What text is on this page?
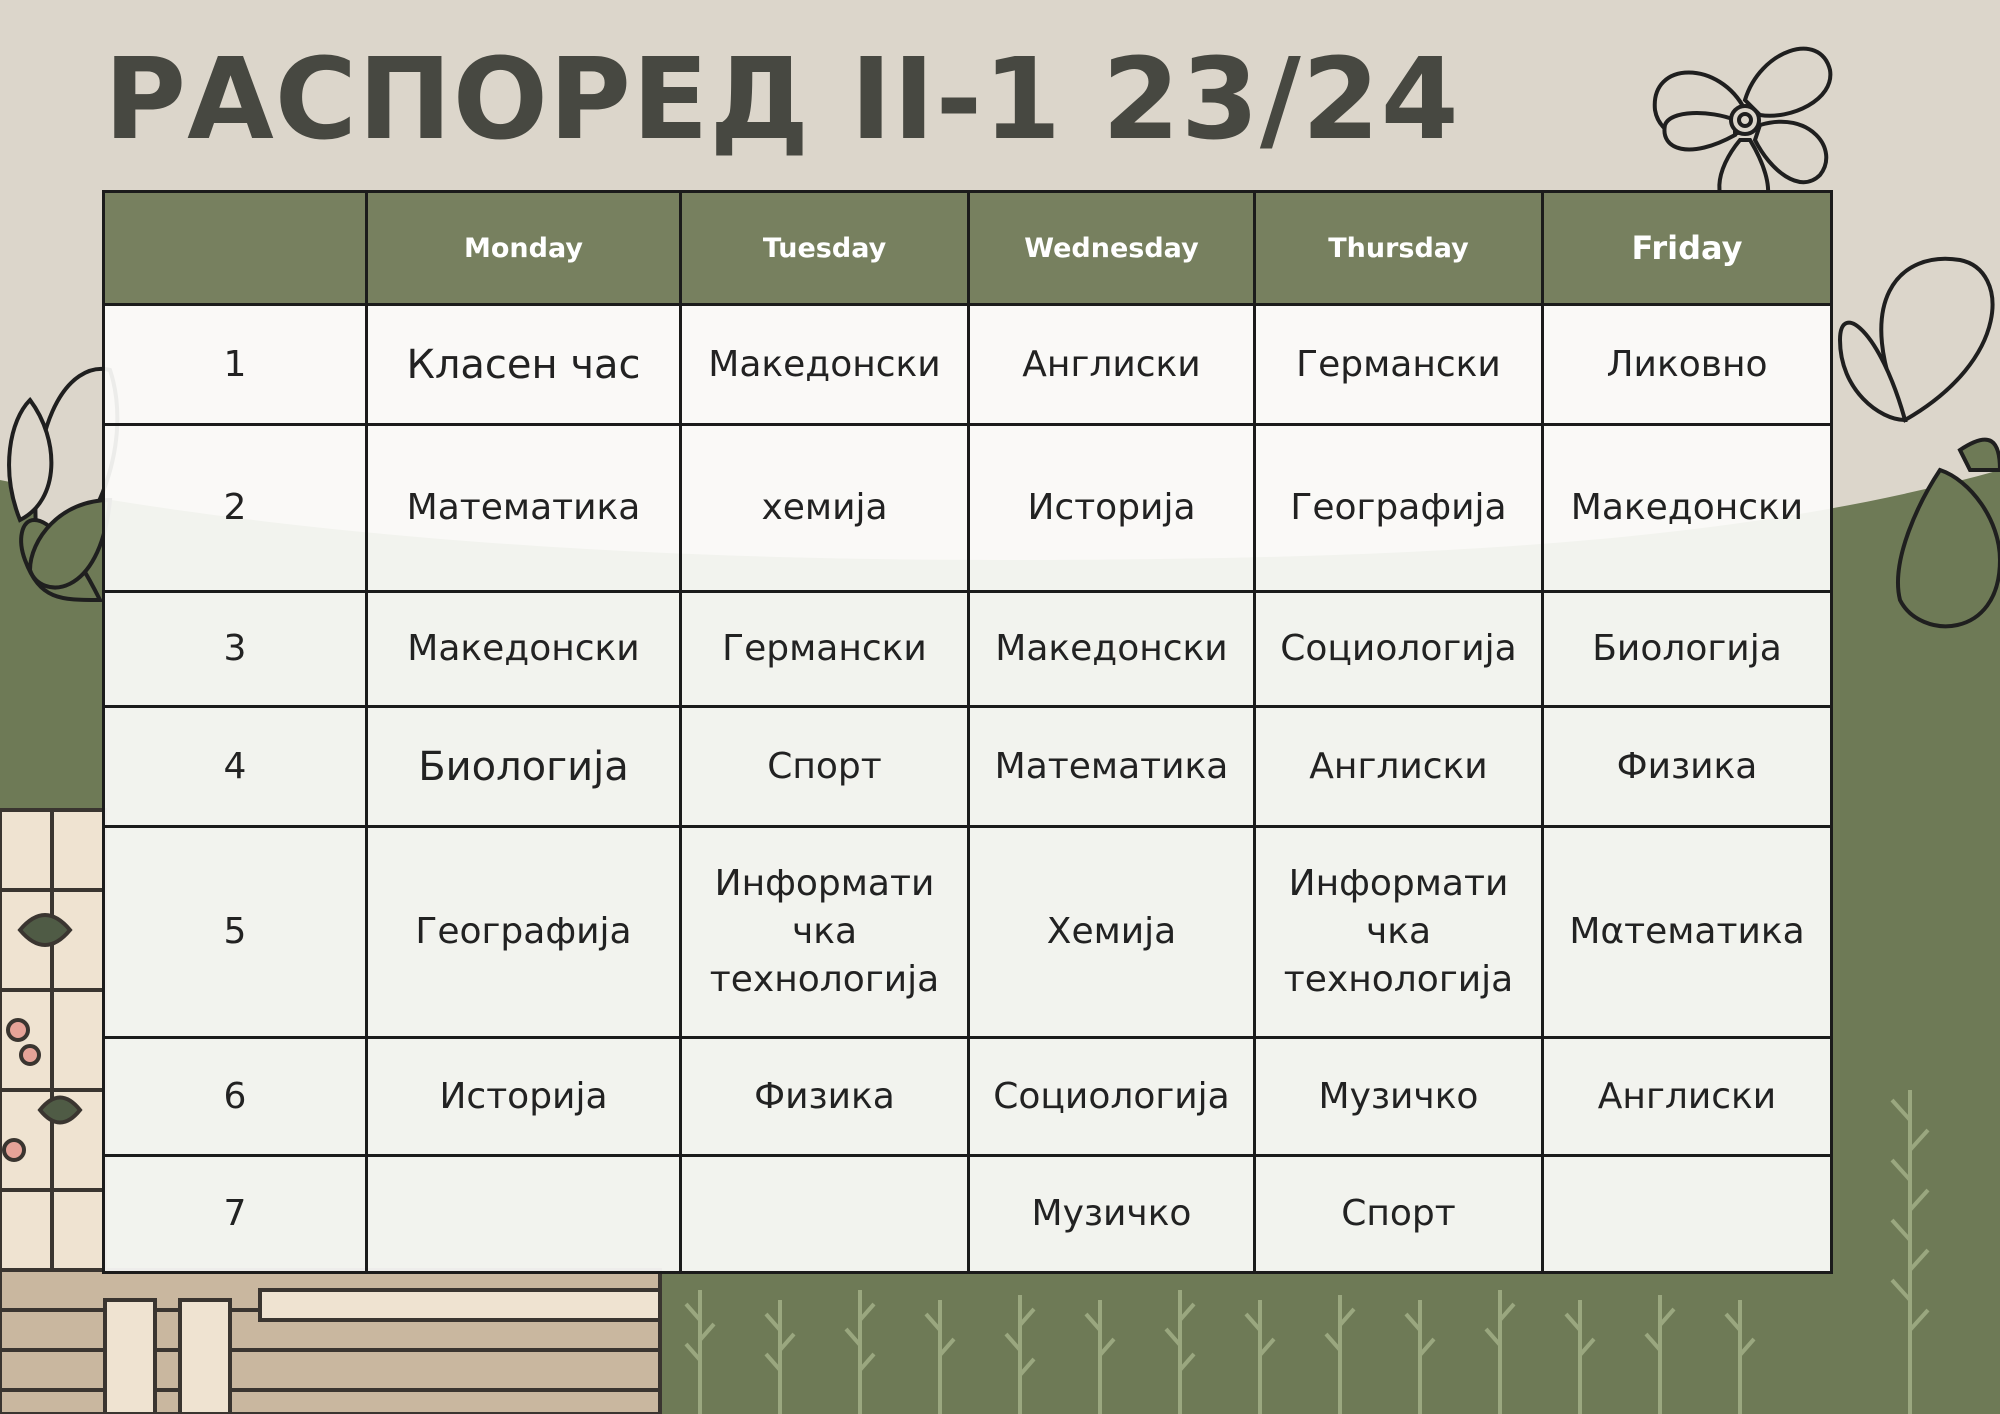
РАСПОРЕД II-1 23/24
	Monday	Tuesday	Wednesday	Thursday	Friday
1	Класен час	Македонски	Англиски	Германски	Ликовно
2	Математика	хемија	Историја	Географија	Македонски
3	Македонски	Германски	Македонски	Социологија	Биологија
4	Биологија	Спорт	Математика	Англиски	Физика
5	Географија	Информати чка технологија	Хемија	Информати чка технологија	Mαтематика
6	Историја	Физика	Социологија	Музичко	Англиски
7			Музичко	Спорт	
